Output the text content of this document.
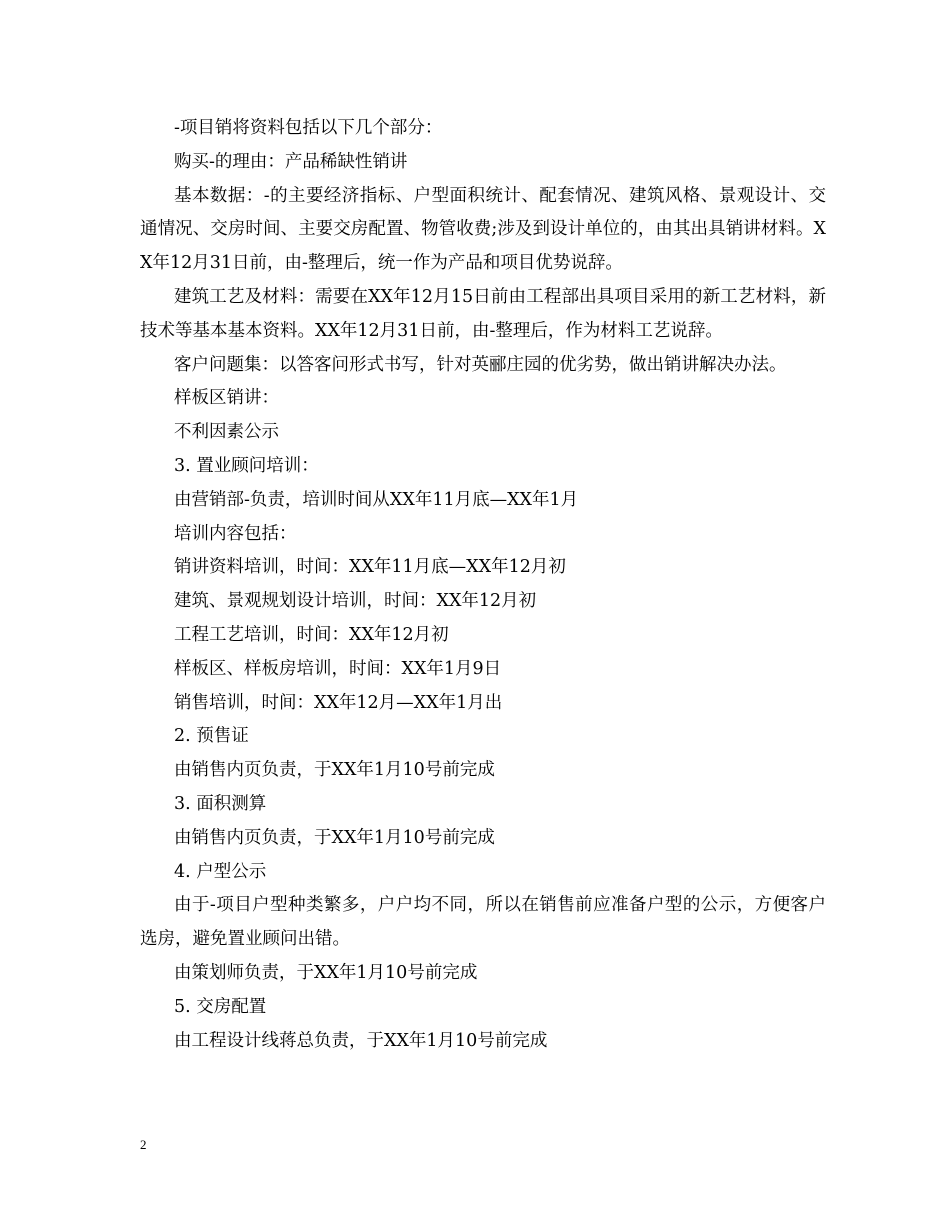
-项目销将资料包括以下几个部分：

购买-的理由：产品稀缺性销讲

基本数据：-的主要经济指标、户型面积统计、配套情况、建筑风格、景观设计、交通情况、交房时间、主要交房配置、物管收费;涉及到设计单位的，由其出具销讲材料。XX年12月31日前，由-整理后，统一作为产品和项目优势说辞。

建筑工艺及材料：需要在XX年12月15日前由工程部出具项目采用的新工艺材料，新技术等基本基本资料。XX年12月31日前，由-整理后，作为材料工艺说辞。

客户问题集：以答客问形式书写，针对英郦庄园的优劣势，做出销讲解决办法。

样板区销讲：

不利因素公示

3. 置业顾问培训：

由营销部-负责，培训时间从XX年11月底—XX年1月

培训内容包括：

销讲资料培训，时间：XX年11月底—XX年12月初

建筑、景观规划设计培训，时间：XX年12月初

工程工艺培训，时间：XX年12月初

样板区、样板房培训，时间：XX年1月9日

销售培训，时间：XX年12月—XX年1月出

2. 预售证

由销售内页负责，于XX年1月10号前完成

3. 面积测算

由销售内页负责，于XX年1月10号前完成

4. 户型公示

由于-项目户型种类繁多，户户均不同，所以在销售前应准备户型的公示，方便客户选房，避免置业顾问出错。

由策划师负责，于XX年1月10号前完成

5. 交房配置

由工程设计线蒋总负责，于XX年1月10号前完成

2
